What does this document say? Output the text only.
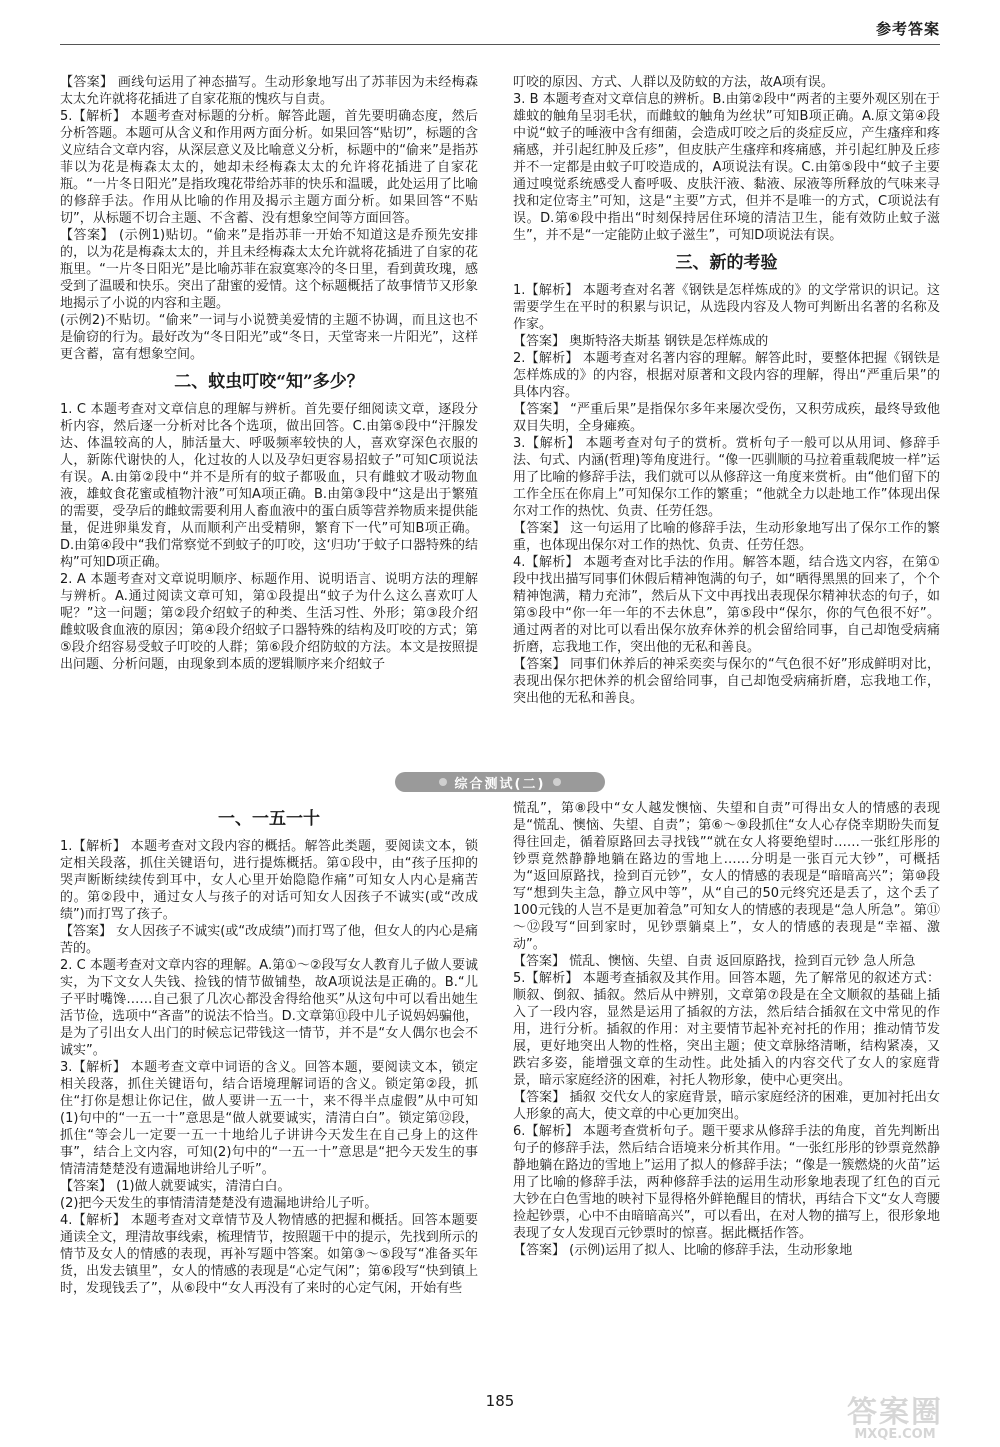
参考答案

【答案】 画线句运用了神态描写。生动形象地写出了苏菲因为未经梅森太太允许就将花插进了自家花瓶的愧疚与自责。

5.【解析】 本题考查对标题的分析。解答此题，首先要明确态度，然后分析答题。本题可从含义和作用两方面分析。如果回答“贴切”，标题的含义应结合文章内容，从深层意义及比喻意义分析，标题中的“偷来”是指苏菲以为花是梅森太太的，她却未经梅森太太的允许将花插进了自家花瓶。“一片冬日阳光”是指玫瑰花带给苏菲的快乐和温暖，此处运用了比喻的修辞手法。作用从比喻的作用及揭示主题方面分析。如果回答“不贴切”，从标题不切合主题、不含蓄、没有想象空间等方面回答。

【答案】 (示例1)贴切。“偷来”是指苏菲一开始不知道这是乔预先安排的，以为花是梅森太太的，并且未经梅森太太允许就将花插进了自家的花瓶里。“一片冬日阳光”是比喻苏菲在寂寞寒冷的冬日里，看到黄玫瑰，感受到了温暖和快乐。突出了甜蜜的爱情。这个标题概括了故事情节又形象地揭示了小说的内容和主题。

(示例2)不贴切。“偷来”一词与小说赞美爱情的主题不协调，而且这也不是偷窃的行为。最好改为“冬日阳光”或“冬日，天堂寄来一片阳光”，这样更含蓄，富有想象空间。

二、蚊虫叮咬“知”多少？

1. C 本题考查对文章信息的理解与辨析。首先要仔细阅读文章，逐段分析内容，然后逐一分析对比各个选项，做出回答。C.由第⑤段中“汗腺发达、体温较高的人，肺活量大、呼吸频率较快的人，喜欢穿深色衣服的人，新陈代谢快的人，化过妆的人以及孕妇更容易招蚊子”可知C项说法有误。A.由第②段中“并不是所有的蚊子都吸血，只有雌蚊才吸动物血液，雄蚊食花蜜或植物汁液”可知A项正确。B.由第③段中“这是出于繁殖的需要，受孕后的雌蚊需要利用人畜血液中的蛋白质等营养物质来提供能量，促进卵巢发育，从而顺利产出受精卵，繁育下一代”可知B项正确。D.由第④段中“我们常察觉不到蚊子的叮咬，这‘归功’于蚊子口器特殊的结构”可知D项正确。

2. A 本题考查对文章说明顺序、标题作用、说明语言、说明方法的理解与辨析。A.通过阅读文章可知，第①段提出“蚊子为什么这么喜欢叮人呢？”这一问题；第②段介绍蚊子的种类、生活习性、外形；第③段介绍雌蚊吸食血液的原因；第④段介绍蚊子口器特殊的结构及叮咬的方式；第⑤段介绍容易受蚊子叮咬的人群；第⑥段介绍防蚊的方法。本文是按照提出问题、分析问题，由现象到本质的逻辑顺序来介绍蚊子

叮咬的原因、方式、人群以及防蚊的方法，故A项有误。

3. B 本题考查对文章信息的辨析。B.由第②段中“两者的主要外观区别在于雄蚊的触角呈羽毛状，而雌蚊的触角为丝状”可知B项正确。A.原文第④段中说“蚊子的唾液中含有细菌，会造成叮咬之后的炎症反应，产生瘙痒和疼痛感，并引起红肿及丘疹”，但皮肤产生瘙痒和疼痛感，并引起红肿及丘疹并不一定都是由蚊子叮咬造成的，A项说法有误。C.由第⑤段中“蚊子主要通过嗅觉系统感受人畜呼吸、皮肤汗液、黏液、尿液等所释放的气味来寻找和定位寄主”可知，这是“主要”方式，但并不是唯一的方式，C项说法有误。D.第⑥段中指出“时刻保持居住环境的清洁卫生，能有效防止蚊子滋生”，并不是“一定能防止蚊子滋生”，可知D项说法有误。

三、新的考验

1.【解析】 本题考查对名著《钢铁是怎样炼成的》的文学常识的识记。这需要学生在平时的积累与识记，从选段内容及人物可判断出名著的名称及作家。

【答案】 奥斯特洛夫斯基 钢铁是怎样炼成的

2.【解析】 本题考查对名著内容的理解。解答此时，要整体把握《钢铁是怎样炼成的》的内容，根据对原著和文段内容的理解，得出“严重后果”的具体内容。

【答案】 “严重后果”是指保尔多年来屡次受伤，又积劳成疾，最终导致他双目失明，全身瘫痪。

3.【解析】 本题考查对句子的赏析。赏析句子一般可以从用词、修辞手法、句式、内涵(哲理)等角度进行。“像一匹驯顺的马拉着重载爬坡一样”运用了比喻的修辞手法，我们就可以从修辞这一角度来赏析。由“他们留下的工作全压在你肩上”可知保尔工作的繁重；“他就全力以赴地工作”体现出保尔对工作的热忱、负责、任劳任怨。

【答案】 这一句运用了比喻的修辞手法，生动形象地写出了保尔工作的繁重，也体现出保尔对工作的热忱、负责、任劳任怨。

4.【解析】 本题考查对比手法的作用。解答本题，结合选文内容，在第①段中找出描写同事们休假后精神饱满的句子，如“晒得黑黑的回来了，个个精神饱满，精力充沛”，然后从下文中再找出表现保尔精神状态的句子，如第⑤段中“你一年一年的不去休息”，第⑤段中“保尔，你的气色很不好”。通过两者的对比可以看出保尔放弃休养的机会留给同事，自己却饱受病痛折磨，忘我地工作，突出他的无私和善良。

【答案】 同事们休养后的神采奕奕与保尔的“气色很不好”形成鲜明对比，表现出保尔把休养的机会留给同事，自己却饱受病痛折磨，忘我地工作，突出他的无私和善良。

综合测试(二)
一、一五一十

1.【解析】 本题考查对文段内容的概括。解答此类题，要阅读文本，锁定相关段落，抓住关键语句，进行提炼概括。第①段中，由“孩子压抑的哭声断断续续传到耳中，女人心里开始隐隐作痛”可知女人内心是痛苦的。第②段中，通过女人与孩子的对话可知女人因孩子不诚实(或“改成绩”)而打骂了孩子。

【答案】 女人因孩子不诚实(或“改成绩”)而打骂了他，但女人的内心是痛苦的。

2. C 本题考查对文章内容的理解。A.第①～②段写女人教育儿子做人要诚实，为下文女人失钱、捡钱的情节做铺垫，故A项说法是正确的。B.“儿子平时嘴馋……自己狠了几次心都没舍得给他买”从这句中可以看出她生活节俭，选项中“吝啬”的说法不恰当。D.文章第⑪段中儿子说妈妈骗他，是为了引出女人出门的时候忘记带钱这一情节，并不是“女人偶尔也会不诚实”。

3.【解析】 本题考查文章中词语的含义。回答本题，要阅读文本，锁定相关段落，抓住关键语句，结合语境理解词语的含义。锁定第②段，抓住“打你是想让你记住，做人要讲一五一十，来不得半点虚假”从中可知(1)句中的“一五一十”意思是“做人就要诚实，清清白白”。锁定第⑫段，抓住“等会儿一定要一五一十地给儿子讲讲今天发生在自己身上的这件事”，结合上文内容，可知(2)句中的“一五一十”意思是“把今天发生的事情清清楚楚没有遗漏地讲给儿子听”。

【答案】 (1)做人就要诚实，清清白白。

(2)把今天发生的事情清清楚楚没有遗漏地讲给儿子听。

4.【解析】 本题考查对文章情节及人物情感的把握和概括。回答本题要通读全文，理清故事线索，梳理情节，按照题干中的提示，先找到所示的情节及女人的情感的表现，再补写题中答案。如第③～⑤段写“准备买年货，出发去镇里”，女人的情感的表现是“心定气闲”；第⑥段写“快到镇上时，发现钱丢了”，从⑥段中“女人再没有了来时的心定气闲，开始有些

慌乱”，第⑧段中“女人越发懊恼、失望和自责”可得出女人的情感的表现是“慌乱、懊恼、失望、自责”；第⑥～⑨段抓住“女人心存侥幸期盼失而复得往回走，循着原路回去寻找钱”“就在女人将要绝望时……一张红彤彤的钞票竟然静静地躺在路边的雪地上……分明是一张百元大钞”，可概括为“返回原路找，捡到百元钞”，女人的情感的表现是“暗暗高兴”；第⑩段写“想到失主急，静立风中等”，从“自己的50元终究还是丢了，这个丢了100元钱的人岂不是更加着急”可知女人的情感的表现是“急人所急”。第⑪～⑫段写“回到家时，见钞票躺桌上”，女人的情感的表现是“幸福、激动”。

【答案】 慌乱、懊恼、失望、自责 返回原路找，捡到百元钞 急人所急

5.【解析】 本题考查插叙及其作用。回答本题，先了解常见的叙述方式：顺叙、倒叙、插叙。然后从中辨别，文章第⑦段是在全文顺叙的基础上插入了一段内容，显然是运用了插叙的方法，然后结合插叙在文中常见的作用，进行分析。插叙的作用：对主要情节起补充衬托的作用；推动情节发展，更好地突出人物的性格，突出主题；使文章脉络清晰，结构紧凑，又跌宕多姿，能增强文章的生动性。此处插入的内容交代了女人的家庭背景，暗示家庭经济的困难，衬托人物形象，使中心更突出。

【答案】 插叙 交代女人的家庭背景，暗示家庭经济的困难，更加衬托出女人形象的高大，使文章的中心更加突出。

6.【解析】 本题考查赏析句子。题干要求从修辞手法的角度，首先判断出句子的修辞手法，然后结合语境来分析其作用。“一张红彤彤的钞票竟然静静地躺在路边的雪地上”运用了拟人的修辞手法；“像是一簇燃烧的火苗”运用了比喻的修辞手法，两种修辞手法的运用生动形象地表现了红色的百元大钞在白色雪地的映衬下显得格外鲜艳醒目的情状，再结合下文“女人弯腰捡起钞票，心中不由暗暗高兴”，可以看出，在对人物的描写上，很形象地表现了女人发现百元钞票时的惊喜。据此概括作答。

【答案】 (示例)运用了拟人、比喻的修辞手法，生动形象地

185	答案圈
MXQE.COM
